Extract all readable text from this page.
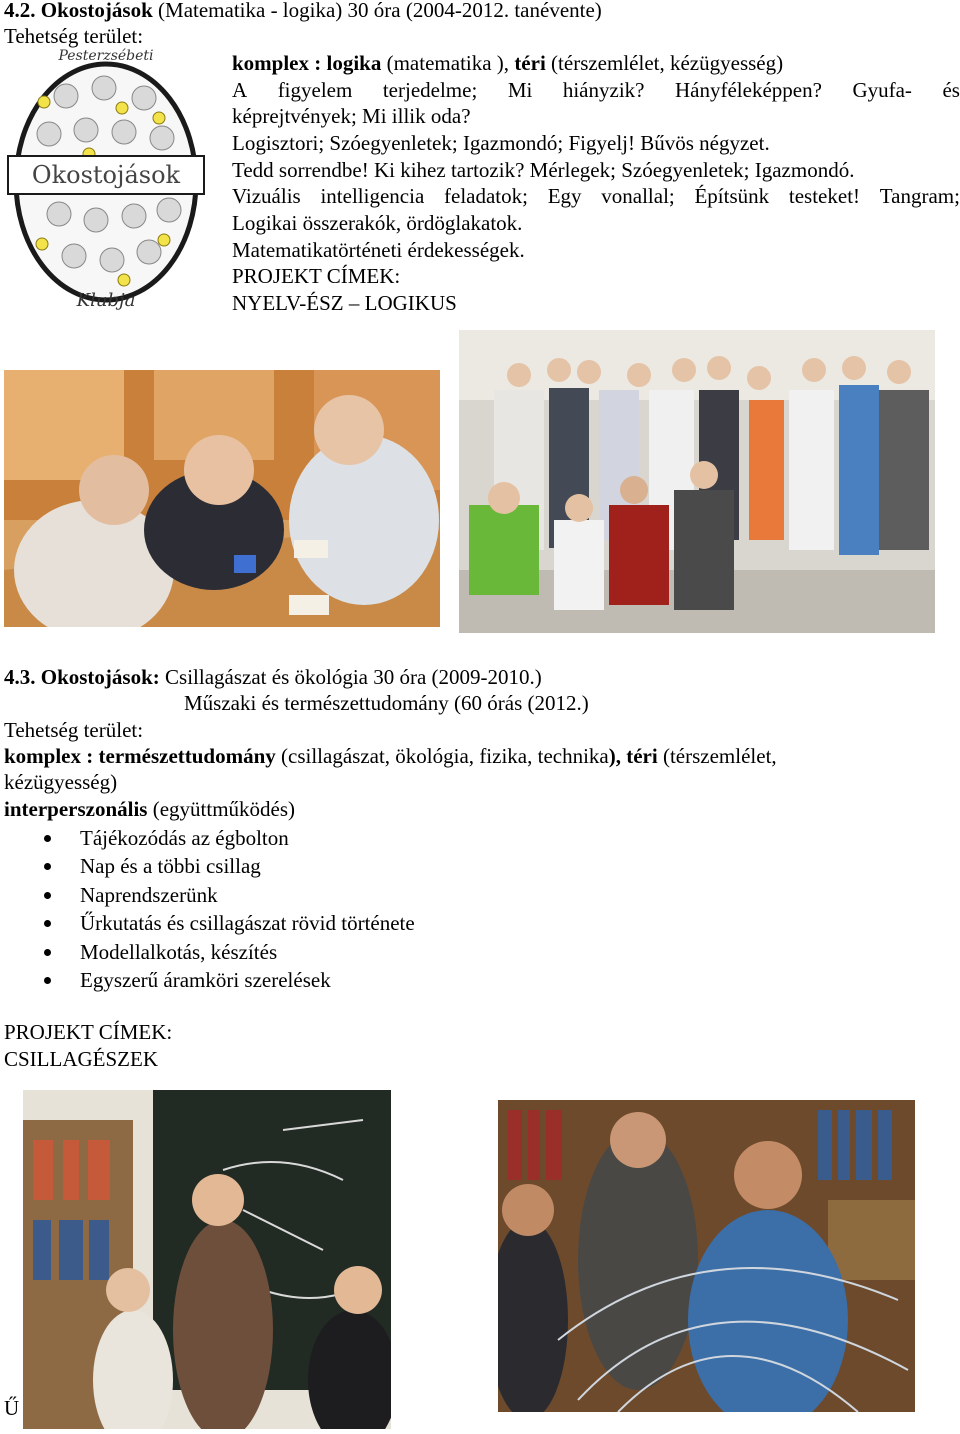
4.2. Okostojások (Matematika - logika) 30 óra (2004-2012. tanévente)
Tehetség terület:
komplex : logika (matematika ), téri (térszemlélet, kézügyesség)
A figyelem terjedelme; Mi hiányzik? Hányféleképpen? Gyufa- és
képrejtvények; Mi illik oda?
Logisztori; Szóegyenletek; Igazmondó; Figyelj! Bűvös négyzet.
Tedd sorrendbe! Ki kihez tartozik? Mérlegek; Szóegyenletek; Igazmondó.
Vizuális intelligencia feladatok; Egy vonallal; Építsünk testeket! Tangram;
Logikai összerakók, ördöglakatok.
Matematikatörténeti érdekességek.
PROJEKT CÍMEK:
NYELV-ÉSZ – LOGIKUS
Okostojások
Pesterzsébeti
Klubja
4.3. Okostojások: Csillagászat és ökológia 30 óra (2009-2010.)
Műszaki és természettudomány (60 órás (2012.)
Tehetség terület:
komplex : természettudomány (csillagászat, ökológia, fizika, technika), téri (térszemlélet,
kézügyesség)
interperszonális (együttműködés)
Tájékozódás az égbolton
Nap és a többi csillag
Naprendszerünk
Űrkutatás és csillagászat rövid története
Modellalkotás, készítés
Egyszerű áramköri szerelések
PROJEKT CÍMEK:
CSILLAGÉSZEK
Ű
